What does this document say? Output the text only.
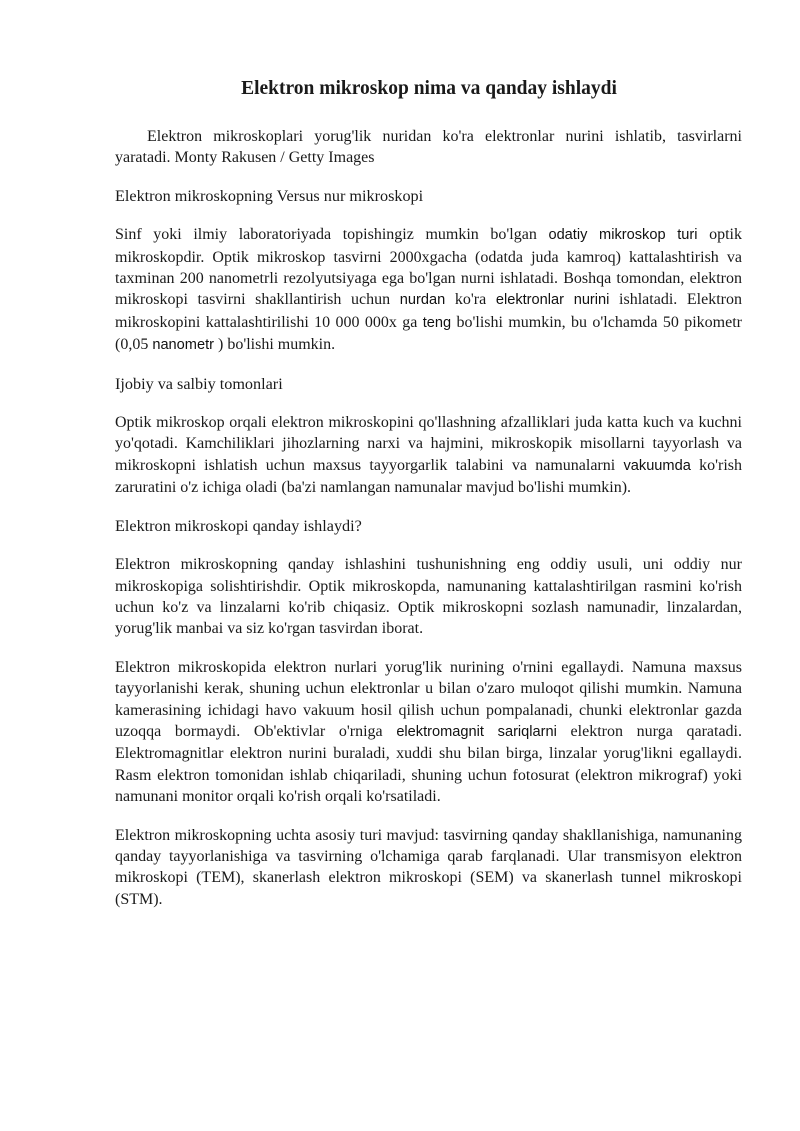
Elektron mikroskop nima va qanday ishlaydi

Elektron mikroskoplari yorug'lik nuridan ko'ra elektronlar nurini ishlatib, tasvirlarni yaratadi. Monty Rakusen / Getty Images

Elektron mikroskopning Versus nur mikroskopi

Sinf yoki ilmiy laboratoriyada topishingiz mumkin bo'lgan odatiy mikroskop turi optik mikroskopdir. Optik mikroskop tasvirni 2000xgacha (odatda juda kamroq) kattalashtirish va taxminan 200 nanometrli rezolyutsiyaga ega bo'lgan nurni ishlatadi. Boshqa tomondan, elektron mikroskopi tasvirni shakllantirish uchun nurdan ko'ra elektronlar nurini ishlatadi. Elektron mikroskopini kattalashtirilishi 10 000 000x ga teng bo'lishi mumkin, bu o'lchamda 50 pikometr (0,05 nanometr ) bo'lishi mumkin.

Ijobiy va salbiy tomonlari

Optik mikroskop orqali elektron mikroskopini qo'llashning afzalliklari juda katta kuch va kuchni yo'qotadi. Kamchiliklari jihozlarning narxi va hajmini, mikroskopik misollarni tayyorlash va mikroskopni ishlatish uchun maxsus tayyorgarlik talabini va namunalarni vakuumda ko'rish zaruratini o'z ichiga oladi (ba'zi namlangan namunalar mavjud bo'lishi mumkin).

Elektron mikroskopi qanday ishlaydi?

Elektron mikroskopning qanday ishlashini tushunishning eng oddiy usuli, uni oddiy nur mikroskopiga solishtirishdir. Optik mikroskopda, namunaning kattalashtirilgan rasmini ko'rish uchun ko'z va linzalarni ko'rib chiqasiz. Optik mikroskopni sozlash namunadir, linzalardan, yorug'lik manbai va siz ko'rgan tasvirdan iborat.

Elektron mikroskopida elektron nurlari yorug'lik nurining o'rnini egallaydi. Namuna maxsus tayyorlanishi kerak, shuning uchun elektronlar u bilan o'zaro muloqot qilishi mumkin. Namuna kamerasining ichidagi havo vakuum hosil qilish uchun pompalanadi, chunki elektronlar gazda uzoqqa bormaydi. Ob'ektivlar o'rniga elektromagnit sariqlarni elektron nurga qaratadi. Elektromagnitlar elektron nurini buraladi, xuddi shu bilan birga, linzalar yorug'likni egallaydi. Rasm elektron tomonidan ishlab chiqariladi, shuning uchun fotosurat (elektron mikrograf) yoki namunani monitor orqali ko'rish orqali ko'rsatiladi.

Elektron mikroskopning uchta asosiy turi mavjud: tasvirning qanday shakllanishiga, namunaning qanday tayyorlanishiga va tasvirning o'lchamiga qarab farqlanadi. Ular transmisyon elektron mikroskopi (TEM), skanerlash elektron mikroskopi (SEM) va skanerlash tunnel mikroskopi (STM).
